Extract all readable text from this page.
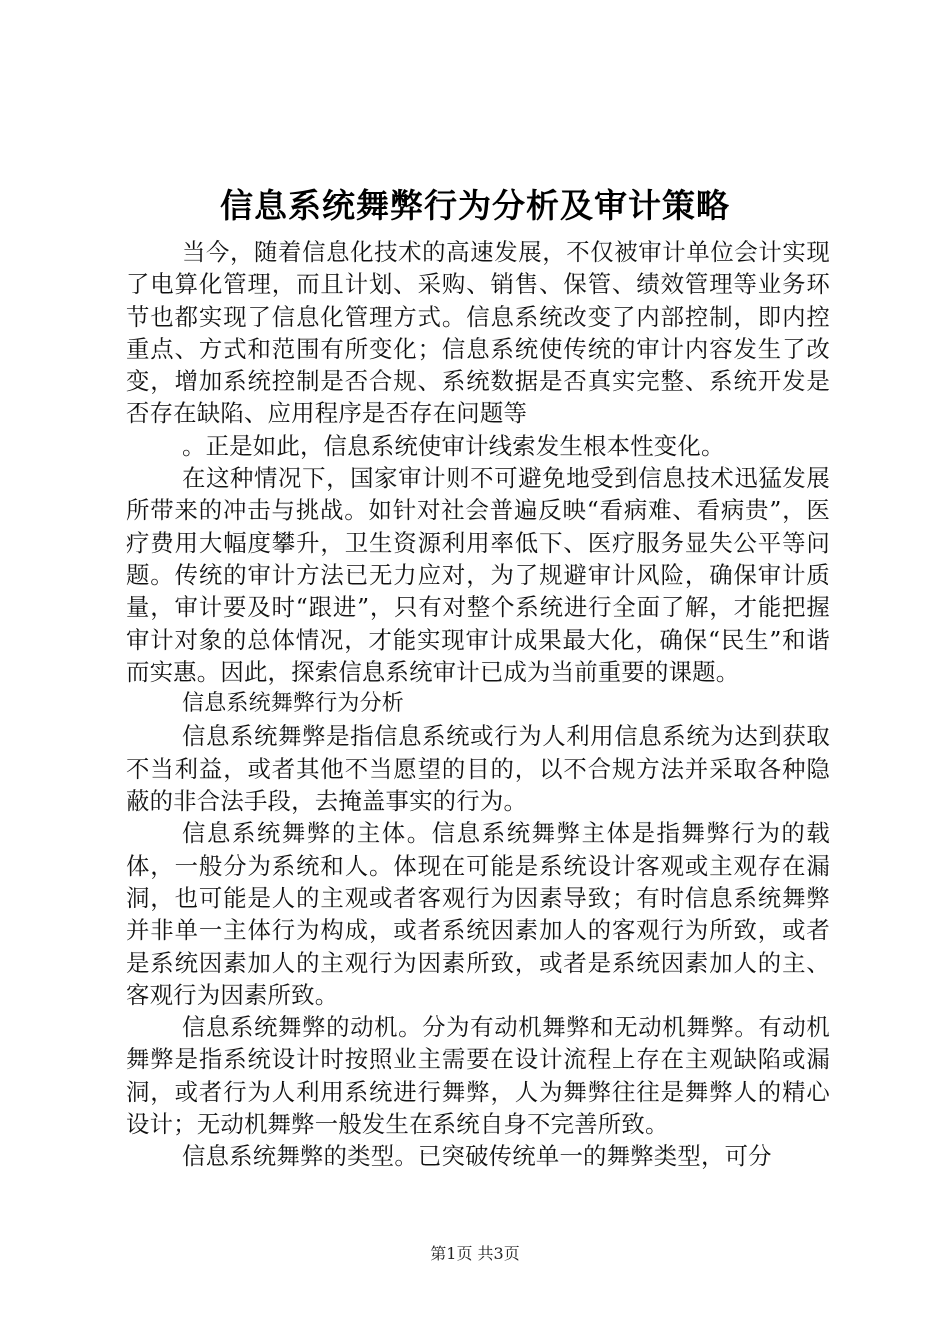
信息系统舞弊行为分析及审计策略

当今，随着信息化技术的高速发展，不仅被审计单位会计实现了电算化管理，而且计划、采购、销售、保管、绩效管理等业务环节也都实现了信息化管理方式。信息系统改变了内部控制，即内控重点、方式和范围有所变化；信息系统使传统的审计内容发生了改变，增加系统控制是否合规、系统数据是否真实完整、系统开发是否存在缺陷、应用程序是否存在问题等

。正是如此，信息系统使审计线索发生根本性变化。

在这种情况下，国家审计则不可避免地受到信息技术迅猛发展所带来的冲击与挑战。如针对社会普遍反映“看病难、看病贵”，医疗费用大幅度攀升，卫生资源利用率低下、医疗服务显失公平等问题。传统的审计方法已无力应对，为了规避审计风险，确保审计质量，审计要及时“跟进”，只有对整个系统进行全面了解，才能把握审计对象的总体情况，才能实现审计成果最大化，确保“民生”和谐而实惠。因此，探索信息系统审计已成为当前重要的课题。

信息系统舞弊行为分析

信息系统舞弊是指信息系统或行为人利用信息系统为达到获取不当利益，或者其他不当愿望的目的，以不合规方法并采取各种隐蔽的非合法手段，去掩盖事实的行为。

信息系统舞弊的主体。信息系统舞弊主体是指舞弊行为的载体，一般分为系统和人。体现在可能是系统设计客观或主观存在漏洞，也可能是人的主观或者客观行为因素导致；有时信息系统舞弊并非单一主体行为构成，或者系统因素加人的客观行为所致，或者是系统因素加人的主观行为因素所致，或者是系统因素加人的主、客观行为因素所致。

信息系统舞弊的动机。分为有动机舞弊和无动机舞弊。有动机舞弊是指系统设计时按照业主需要在设计流程上存在主观缺陷或漏洞，或者行为人利用系统进行舞弊，人为舞弊往往是舞弊人的精心设计；无动机舞弊一般发生在系统自身不完善所致。

信息系统舞弊的类型。已突破传统单一的舞弊类型，可分

第1页 共3页
